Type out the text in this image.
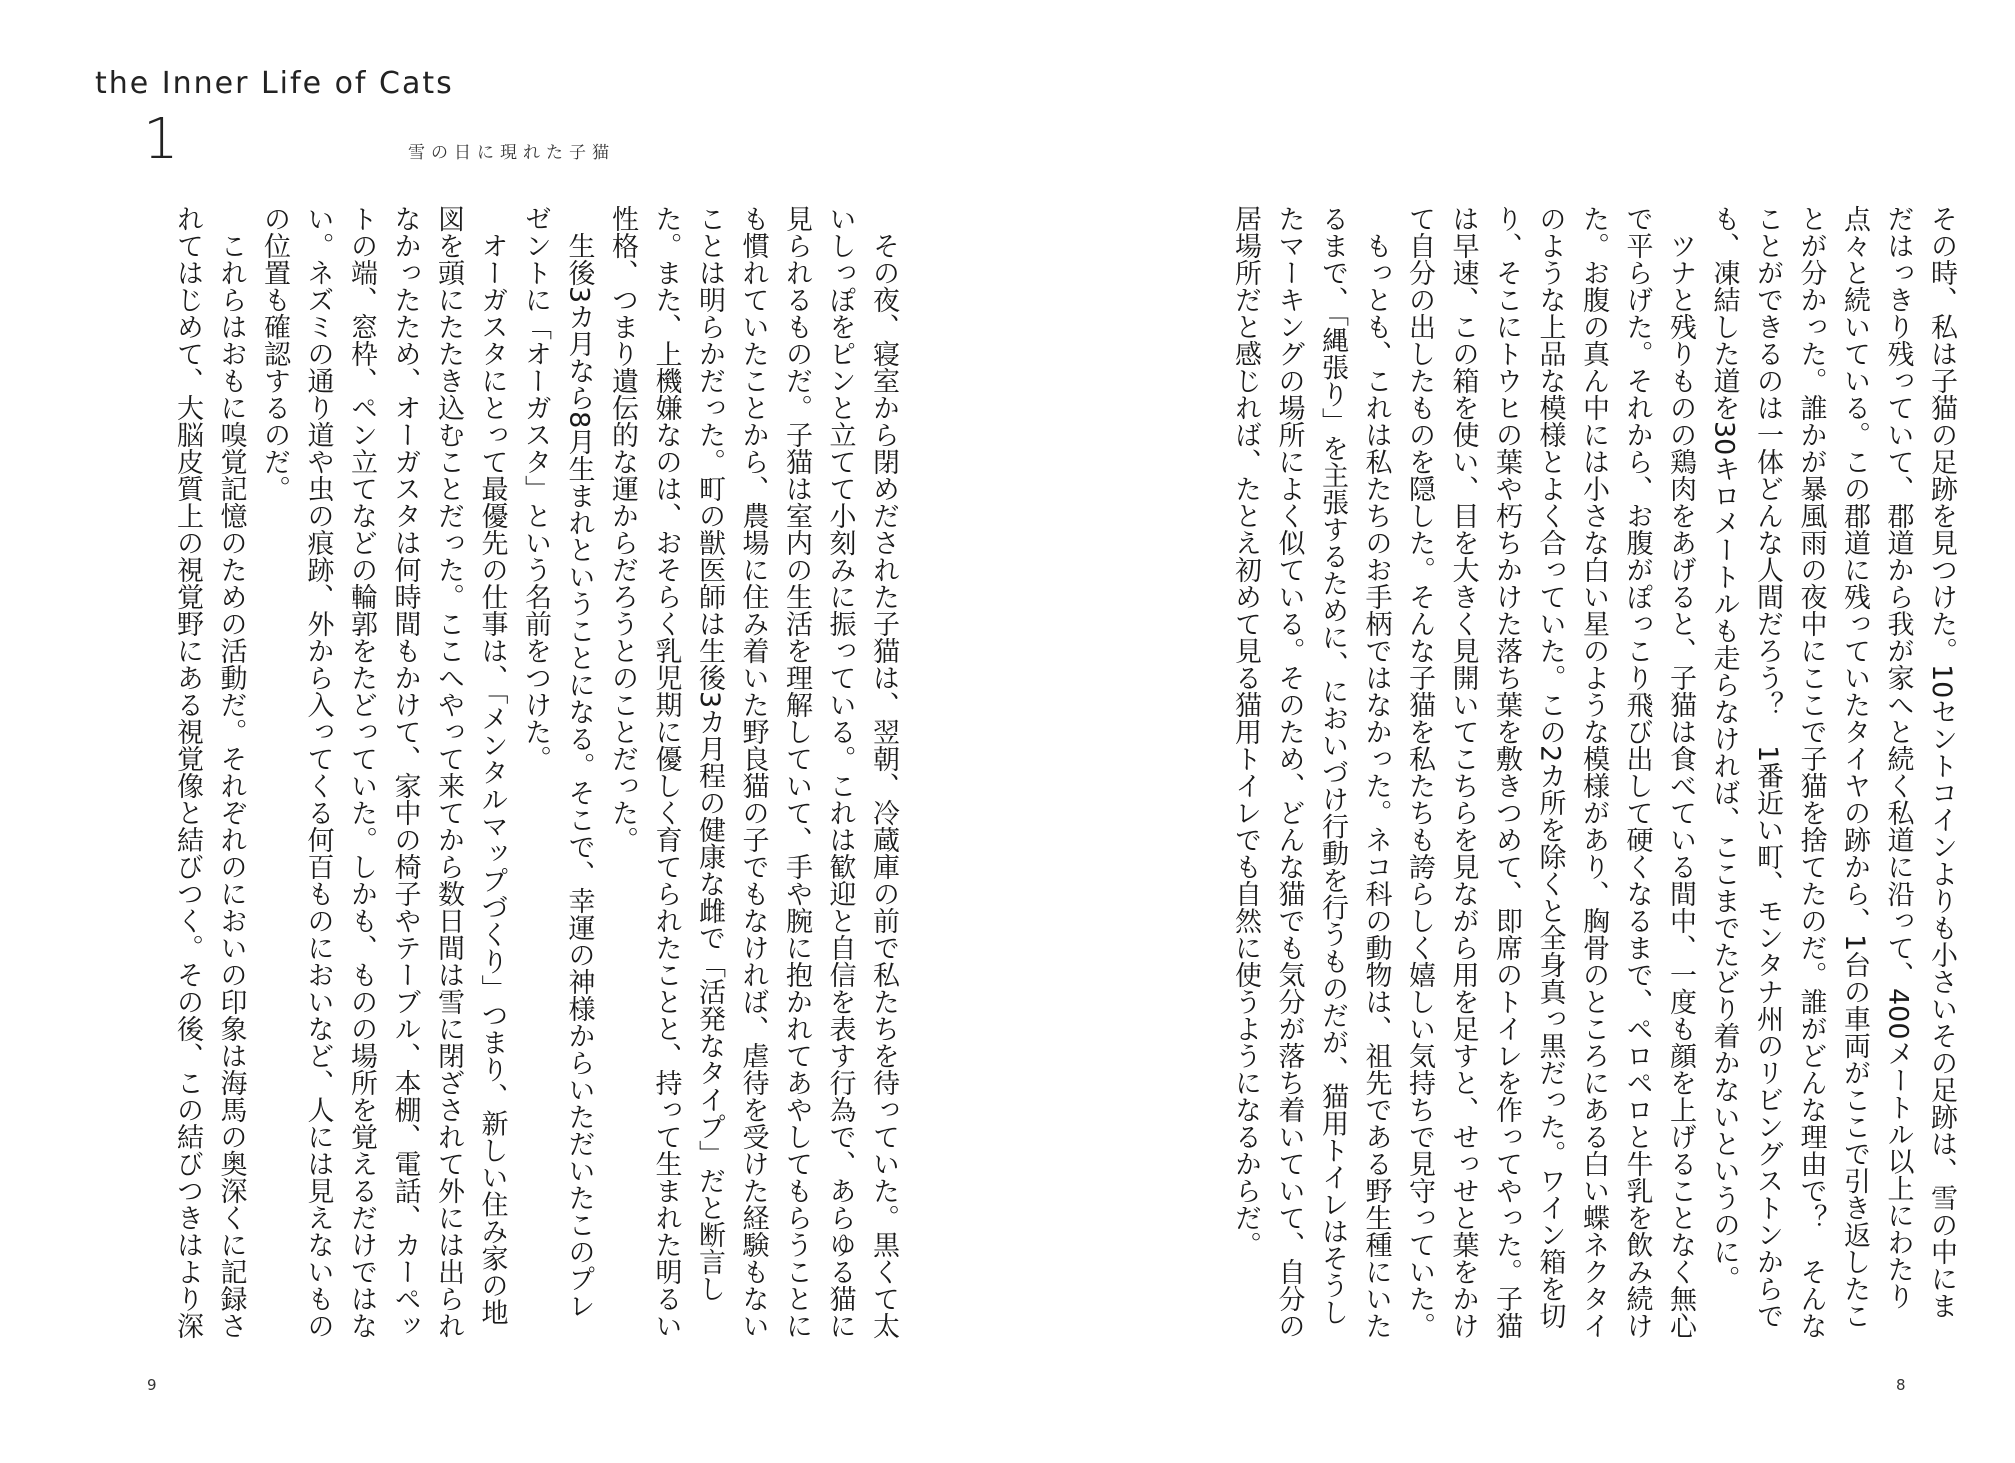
the Inner Life of Cats
1	雪の日に現れた子猫

その時、私は子猫の足跡を見つけた。10セントコインよりも小さいその足跡は、雪の中にまだはっきり残っていて、郡道から我が家へと続く私道に沿って、400メートル以上にわたり点々と続いている。この郡道に残っていたタイヤの跡から、1台の車両がここで引き返したことが分かった。誰かが暴風雨の夜中にここで子猫を捨てたのだ。誰がどんな理由で？　そんなことができるのは一体どんな人間だろう？　1番近い町、モンタナ州のリビングストンからでも、凍結した道を30キロメートルも走らなければ、ここまでたどり着かないというのに。

ツナと残りものの鶏肉をあげると、子猫は食べている間中、一度も顔を上げることなく無心で平らげた。それから、お腹がぽっこり飛び出して硬くなるまで、ペロペロと牛乳を飲み続けた。お腹の真ん中には小さな白い星のような模様があり、胸骨のところにある白い蝶ネクタイのような上品な模様とよく合っていた。この2カ所を除くと全身真っ黒だった。ワイン箱を切り、そこにトウヒの葉や朽ちかけた落ち葉を敷きつめて、即席のトイレを作ってやった。子猫は早速、この箱を使い、目を大きく見開いてこちらを見ながら用を足すと、せっせと葉をかけて自分の出したものを隠した。そんな子猫を私たちも誇らしく嬉しい気持ちで見守っていた。

もっとも、これは私たちのお手柄ではなかった。ネコ科の動物は、祖先である野生種にいたるまで、「縄張り」を主張するために、においづけ行動を行うものだが、猫用トイレはそうしたマーキングの場所によく似ている。そのため、どんな猫でも気分が落ち着いていて、自分の居場所だと感じれば、たとえ初めて見る猫用トイレでも自然に使うようになるからだ。

その夜、寝室から閉めだされた子猫は、翌朝、冷蔵庫の前で私たちを待っていた。黒くて太いしっぽをピンと立てて小刻みに振っている。これは歓迎と自信を表す行為で、あらゆる猫に見られるものだ。子猫は室内の生活を理解していて、手や腕に抱かれてあやしてもらうことにも慣れていたことから、農場に住み着いた野良猫の子でもなければ、虐待を受けた経験もないことは明らかだった。町の獣医師は生後3カ月程の健康な雌で「活発なタイプ」だと断言した。また、上機嫌なのは、おそらく乳児期に優しく育てられたことと、持って生まれた明るい性格、つまり遺伝的な運からだろうとのことだった。

生後3カ月なら8月生まれということになる。そこで、幸運の神様からいただいたこのプレゼントに「オーガスタ」という名前をつけた。

オーガスタにとって最優先の仕事は、「メンタルマップづくり」つまり、新しい住み家の地図を頭にたたき込むことだった。ここへやって来てから数日間は雪に閉ざされて外には出られなかったため、オーガスタは何時間もかけて、家中の椅子やテーブル、本棚、電話、カーペットの端、窓枠、ペン立てなどの輪郭をたどっていた。しかも、ものの場所を覚えるだけではない。ネズミの通り道や虫の痕跡、外から入ってくる何百ものにおいなど、人には見えないものの位置も確認するのだ。

これらはおもに嗅覚記憶のための活動だ。それぞれのにおいの印象は海馬の奥深くに記録されてはじめて、大脳皮質上の視覚野にある視覚像と結びつく。その後、この結びつきはより深

9	8
